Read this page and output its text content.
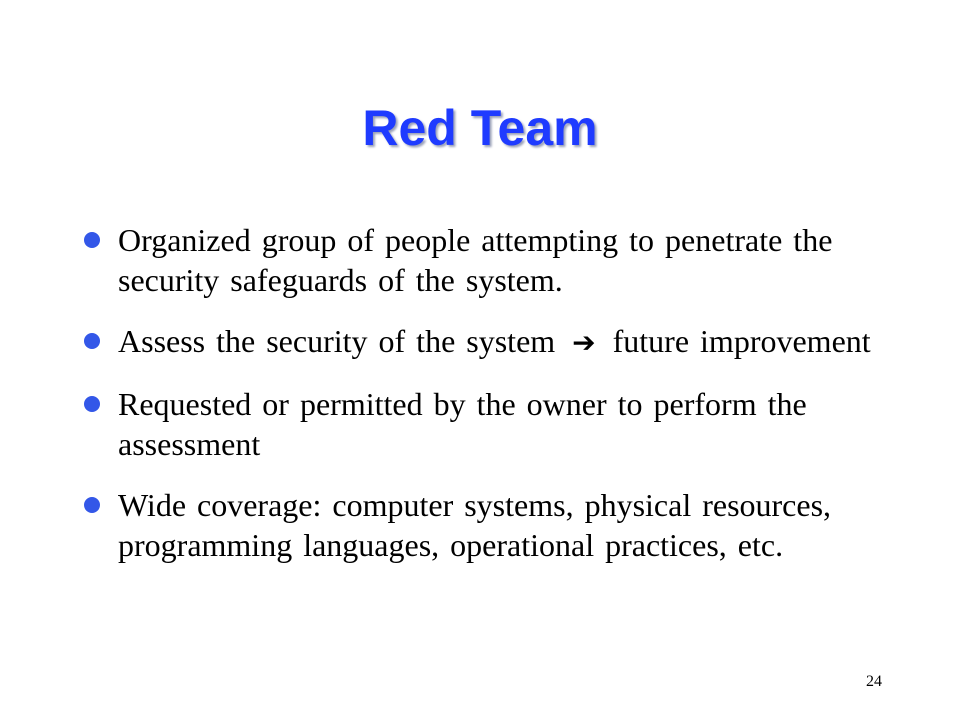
Red Team
Organized group of people attempting to penetrate the security safeguards of the system.
Assess the security of the system ➔ future improvement
Requested or permitted by the owner to perform the assessment
Wide coverage: computer systems, physical resources, programming languages, operational practices, etc.
24
